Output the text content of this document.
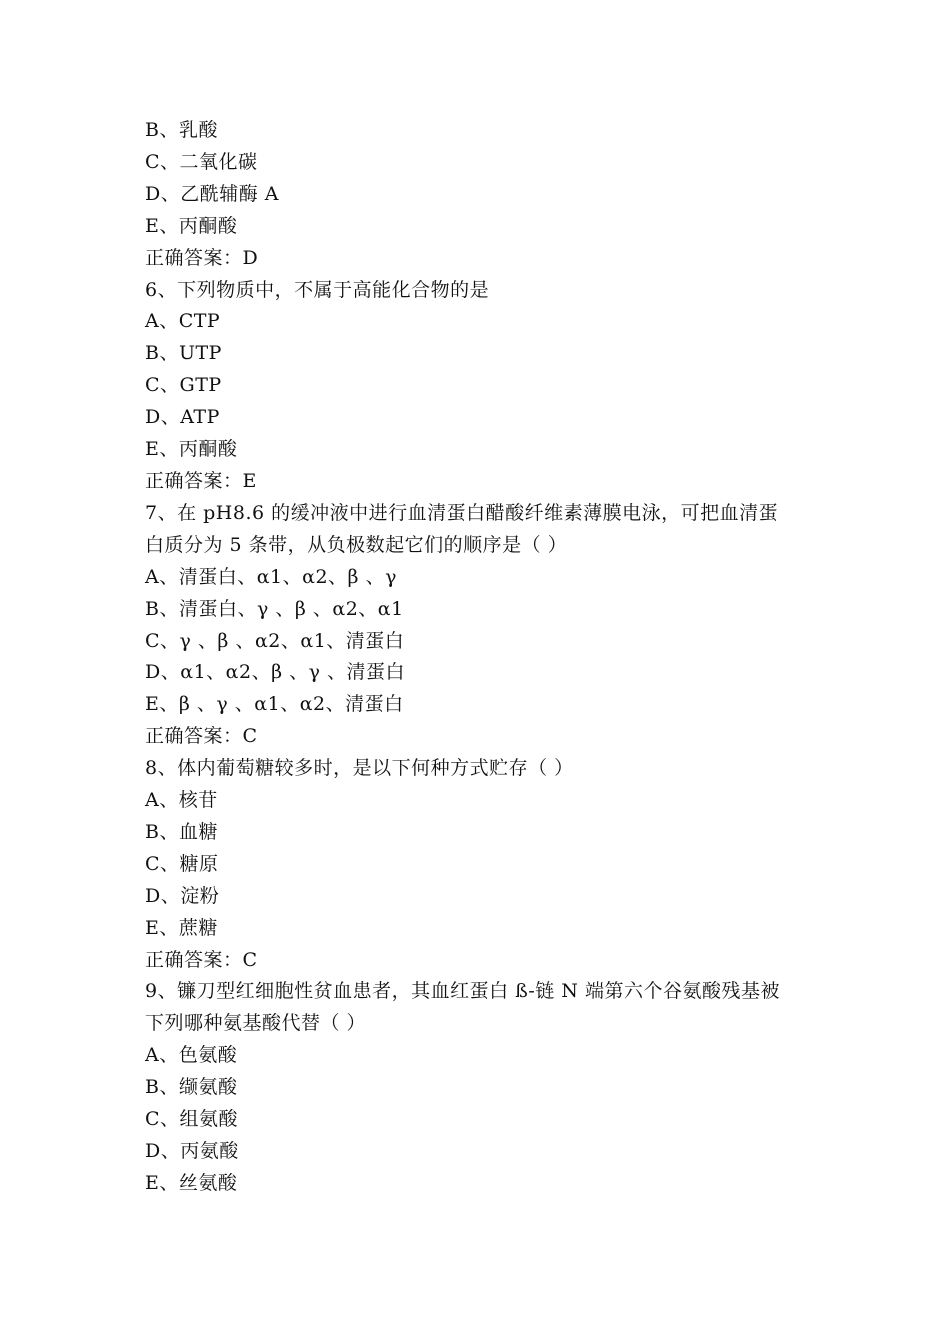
B、乳酸
C、二氧化碳
D、乙酰辅酶 A
E、丙酮酸
正确答案：D
6、下列物质中，不属于高能化合物的是
A、CTP
B、UTP
C、GTP
D、ATP
E、丙酮酸
正确答案：E
7、在 pH8.6 的缓冲液中进行血清蛋白醋酸纤维素薄膜电泳，可把血清蛋
白质分为 5 条带，从负极数起它们的顺序是（ ）
A、清蛋白、α1、α2、β 、γ
B、清蛋白、γ 、β 、α2、α1
C、γ 、β 、α2、α1、清蛋白
D、α1、α2、β 、γ 、清蛋白
E、β 、γ 、α1、α2、清蛋白
正确答案：C
8、体内葡萄糖较多时，是以下何种方式贮存（ ）
A、核苷
B、血糖
C、糖原
D、淀粉
E、蔗糖
正确答案：C
9、镰刀型红细胞性贫血患者，其血红蛋白 ß-链 N 端第六个谷氨酸残基被
下列哪种氨基酸代替（ ）
A、色氨酸
B、缬氨酸
C、组氨酸
D、丙氨酸
E、丝氨酸
